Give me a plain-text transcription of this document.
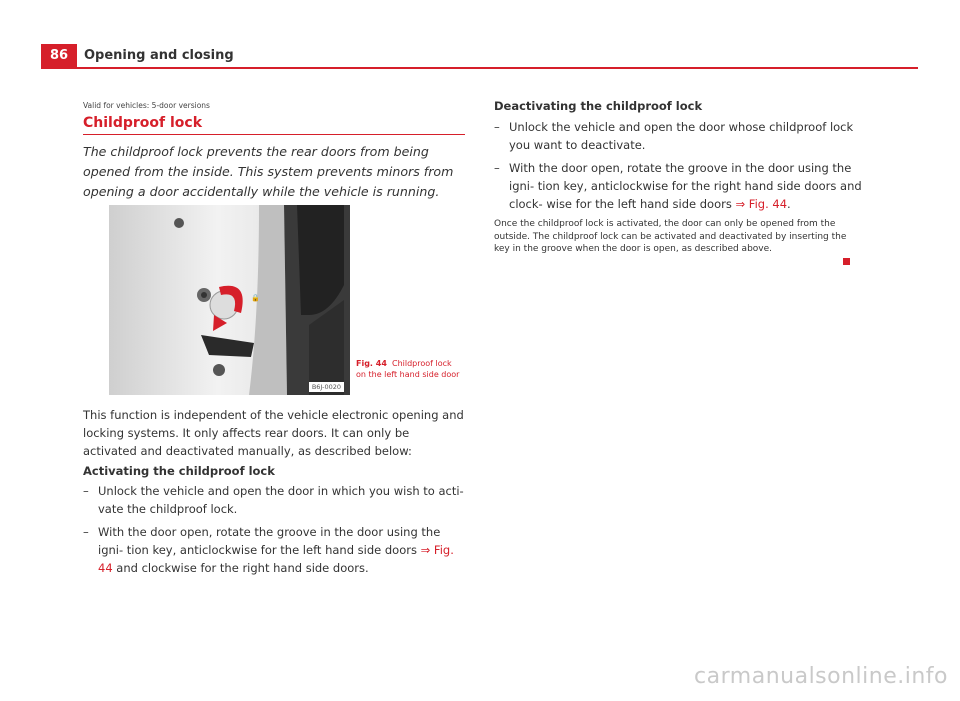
86	Opening and closing
Valid for vehicles: 5-door versions
Childproof lock
The childproof lock prevents the rear doors from being opened from the inside. This system prevents minors from opening a door accidentally while the vehicle is running.
🔒
B6J-0020
Fig. 44 Childproof lock on the left hand side door
This function is independent of the vehicle electronic opening and locking systems. It only affects rear doors. It can only be activated and deactivated manually, as described below:
Activating the childproof lock
– Unlock the vehicle and open the door in which you wish to acti- vate the childproof lock.
– With the door open, rotate the groove in the door using the igni- tion key, anticlockwise for the left hand side doors ⇒ Fig. 44 and clockwise for the right hand side doors.
Deactivating the childproof lock
– Unlock the vehicle and open the door whose childproof lock you want to deactivate.
– With the door open, rotate the groove in the door using the igni- tion key, anticlockwise for the right hand side doors and clock- wise for the left hand side doors ⇒ Fig. 44.
Once the childproof lock is activated, the door can only be opened from the outside. The childproof lock can be activated and deactivated by inserting the key in the groove when the door is open, as described above.
carmanualsonline.info
